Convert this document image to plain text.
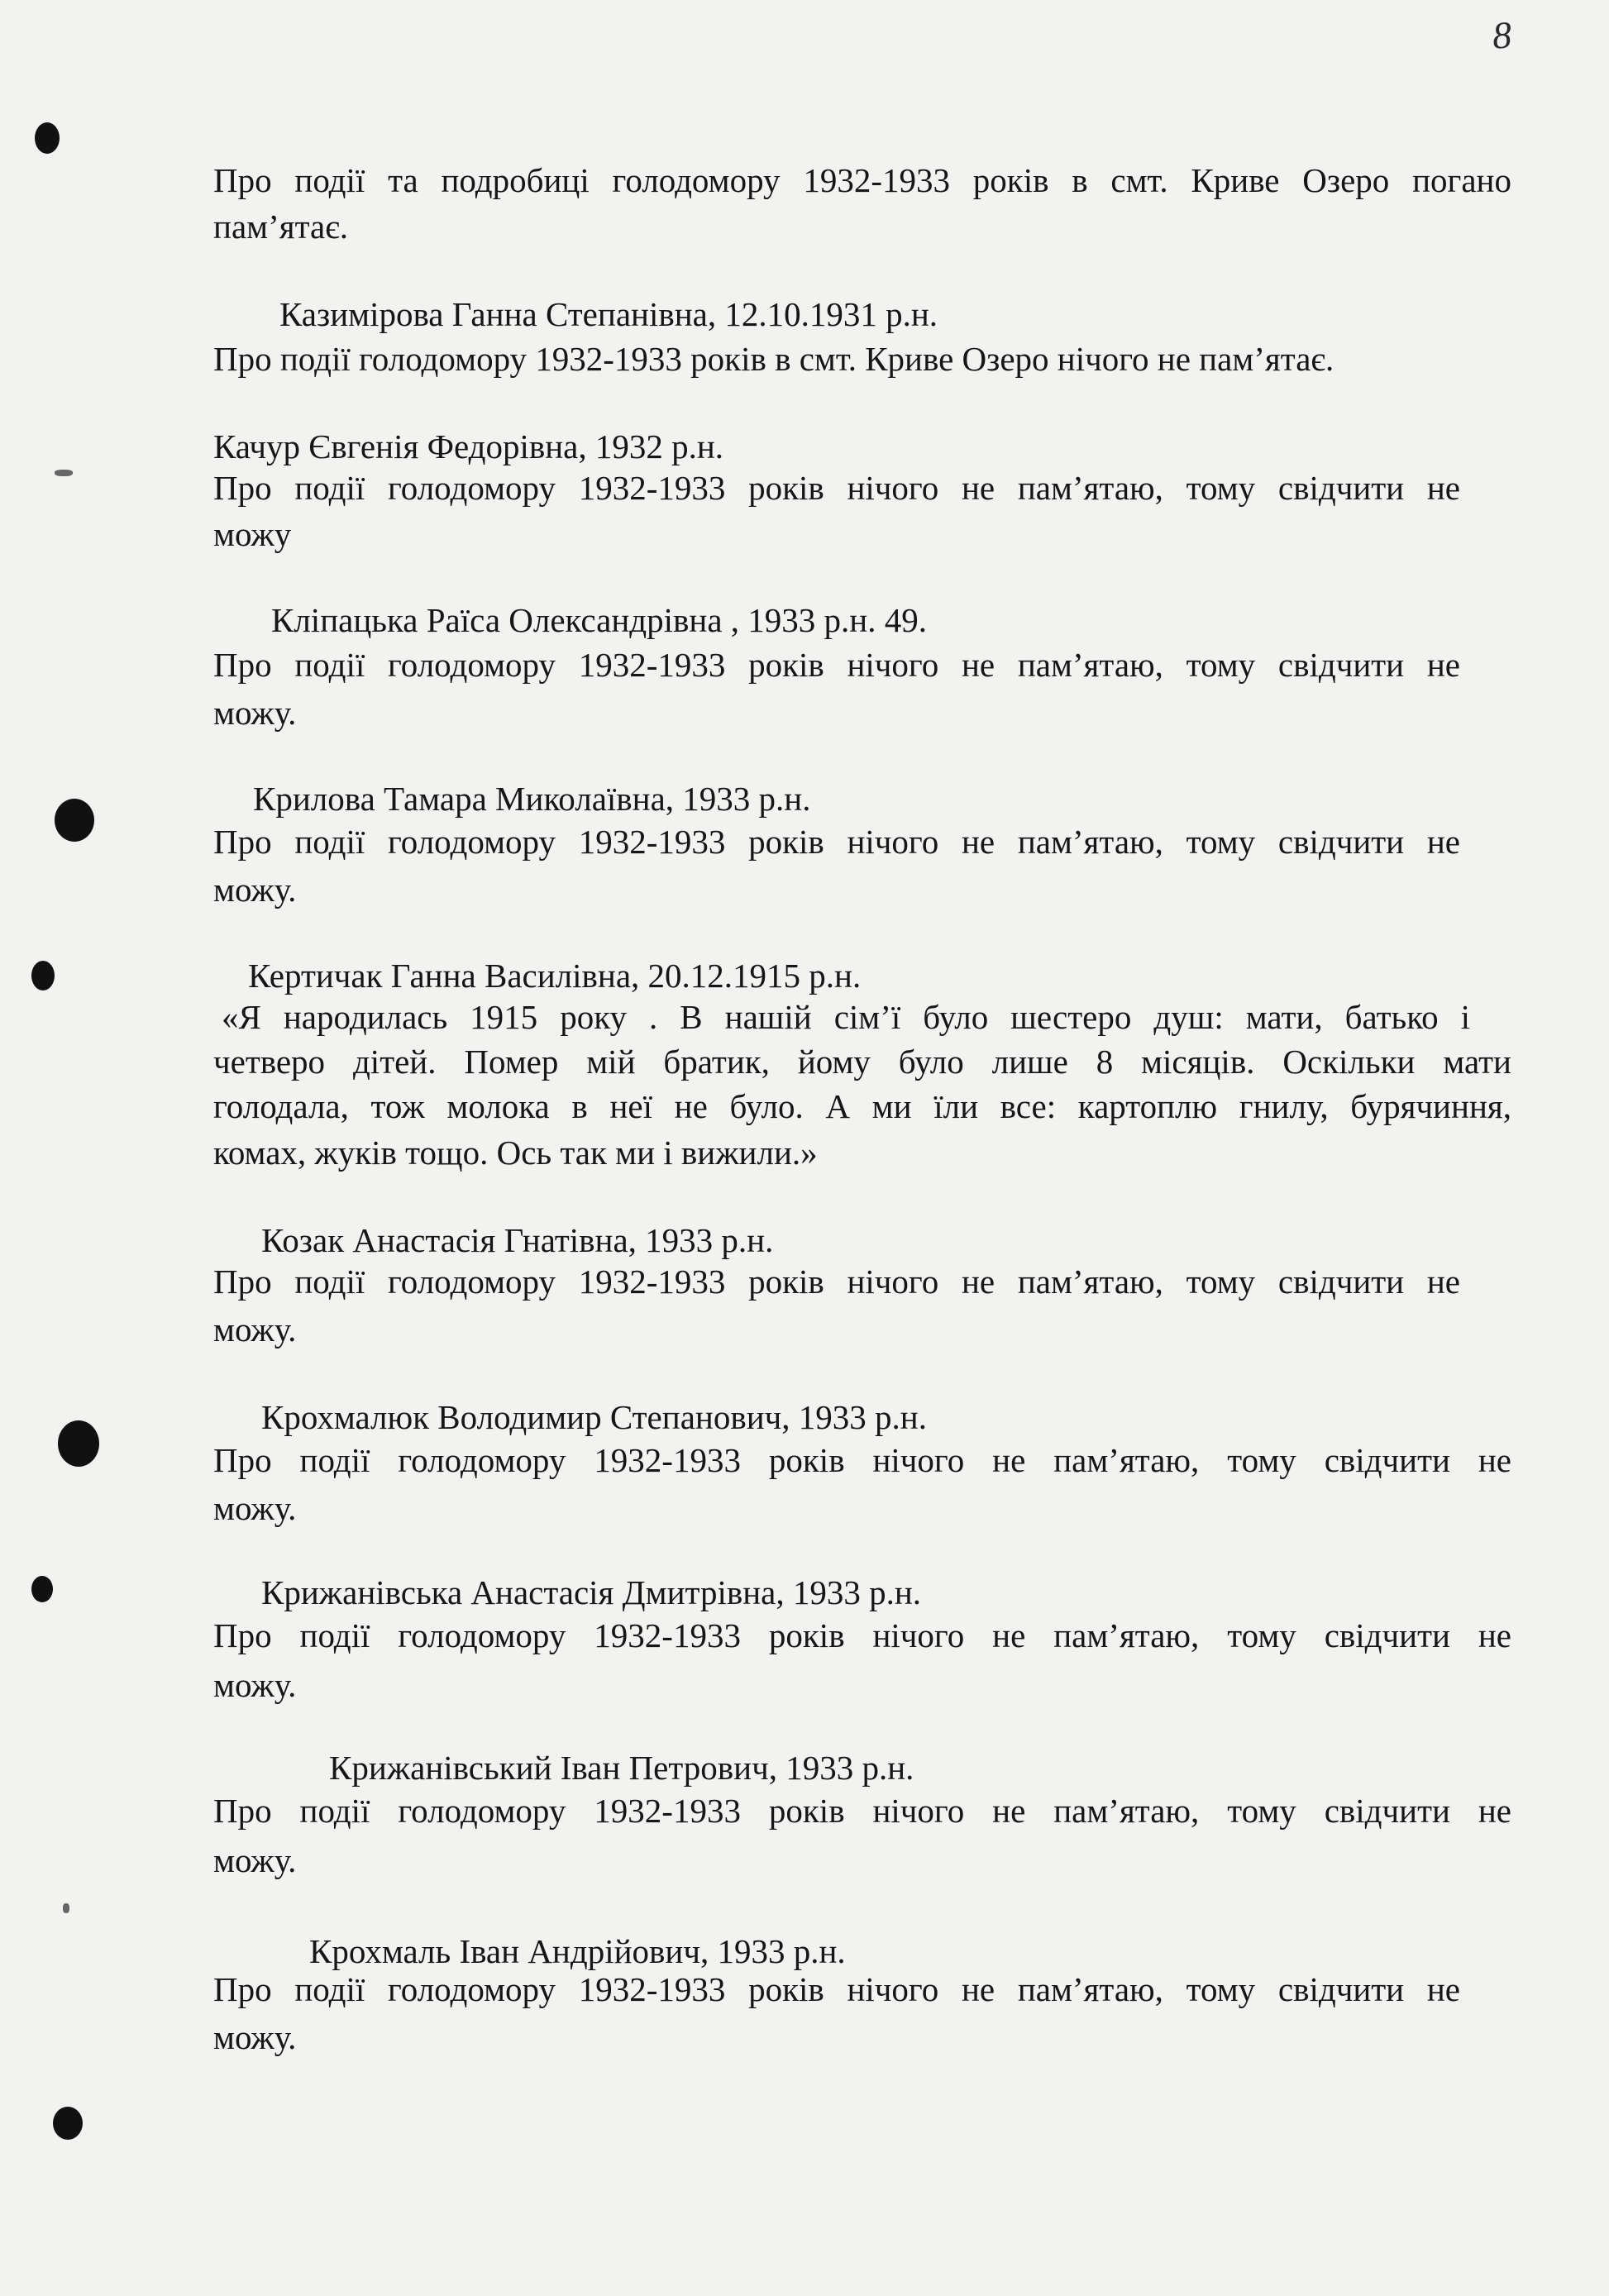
8
Про події та подробиці голодомору 1932-1933 років в смт. Криве Озеро погано
пам’ятає.
Казимірова Ганна Степанівна, 12.10.1931 р.н.
Про події голодомору 1932-1933 років в смт. Криве Озеро нічого не пам’ятає.
Качур Євгенія Федорівна, 1932 р.н.
Про події голодомору 1932-1933 років нічого не пам’ятаю, тому свідчити не
можу
Кліпацька Раїса Олександрівна , 1933 р.н. 49.
Про події голодомору 1932-1933 років нічого не пам’ятаю, тому свідчити не
можу.
Крилова Тамара Миколаївна, 1933 р.н.
Про події голодомору 1932-1933 років нічого не пам’ятаю, тому свідчити не
можу.
Кертичак Ганна Василівна, 20.12.1915 р.н.
«Я народилась 1915 року . В нашій сім’ї було шестеро душ: мати, батько і
четверо дітей. Помер мій братик, йому було лише 8 місяців. Оскільки мати
голодала, тож молока в неї не було. А ми їли все: картоплю гнилу, бурячиння,
комах, жуків тощо. Ось так ми і вижили.»
Козак Анастасія Гнатівна, 1933 р.н.
Про події голодомору 1932-1933 років нічого не пам’ятаю, тому свідчити не
можу.
Крохмалюк Володимир Степанович, 1933 р.н.
Про події голодомору 1932-1933 років нічого не пам’ятаю, тому свідчити не
можу.
Крижанівська Анастасія Дмитрівна, 1933 р.н.
Про події голодомору 1932-1933 років нічого не пам’ятаю, тому свідчити не
можу.
Крижанівський Іван Петрович, 1933 р.н.
Про події голодомору 1932-1933 років нічого не пам’ятаю, тому свідчити не
можу.
Крохмаль Іван Андрійович, 1933 р.н.
Про події голодомору 1932-1933 років нічого не пам’ятаю, тому свідчити не
можу.
